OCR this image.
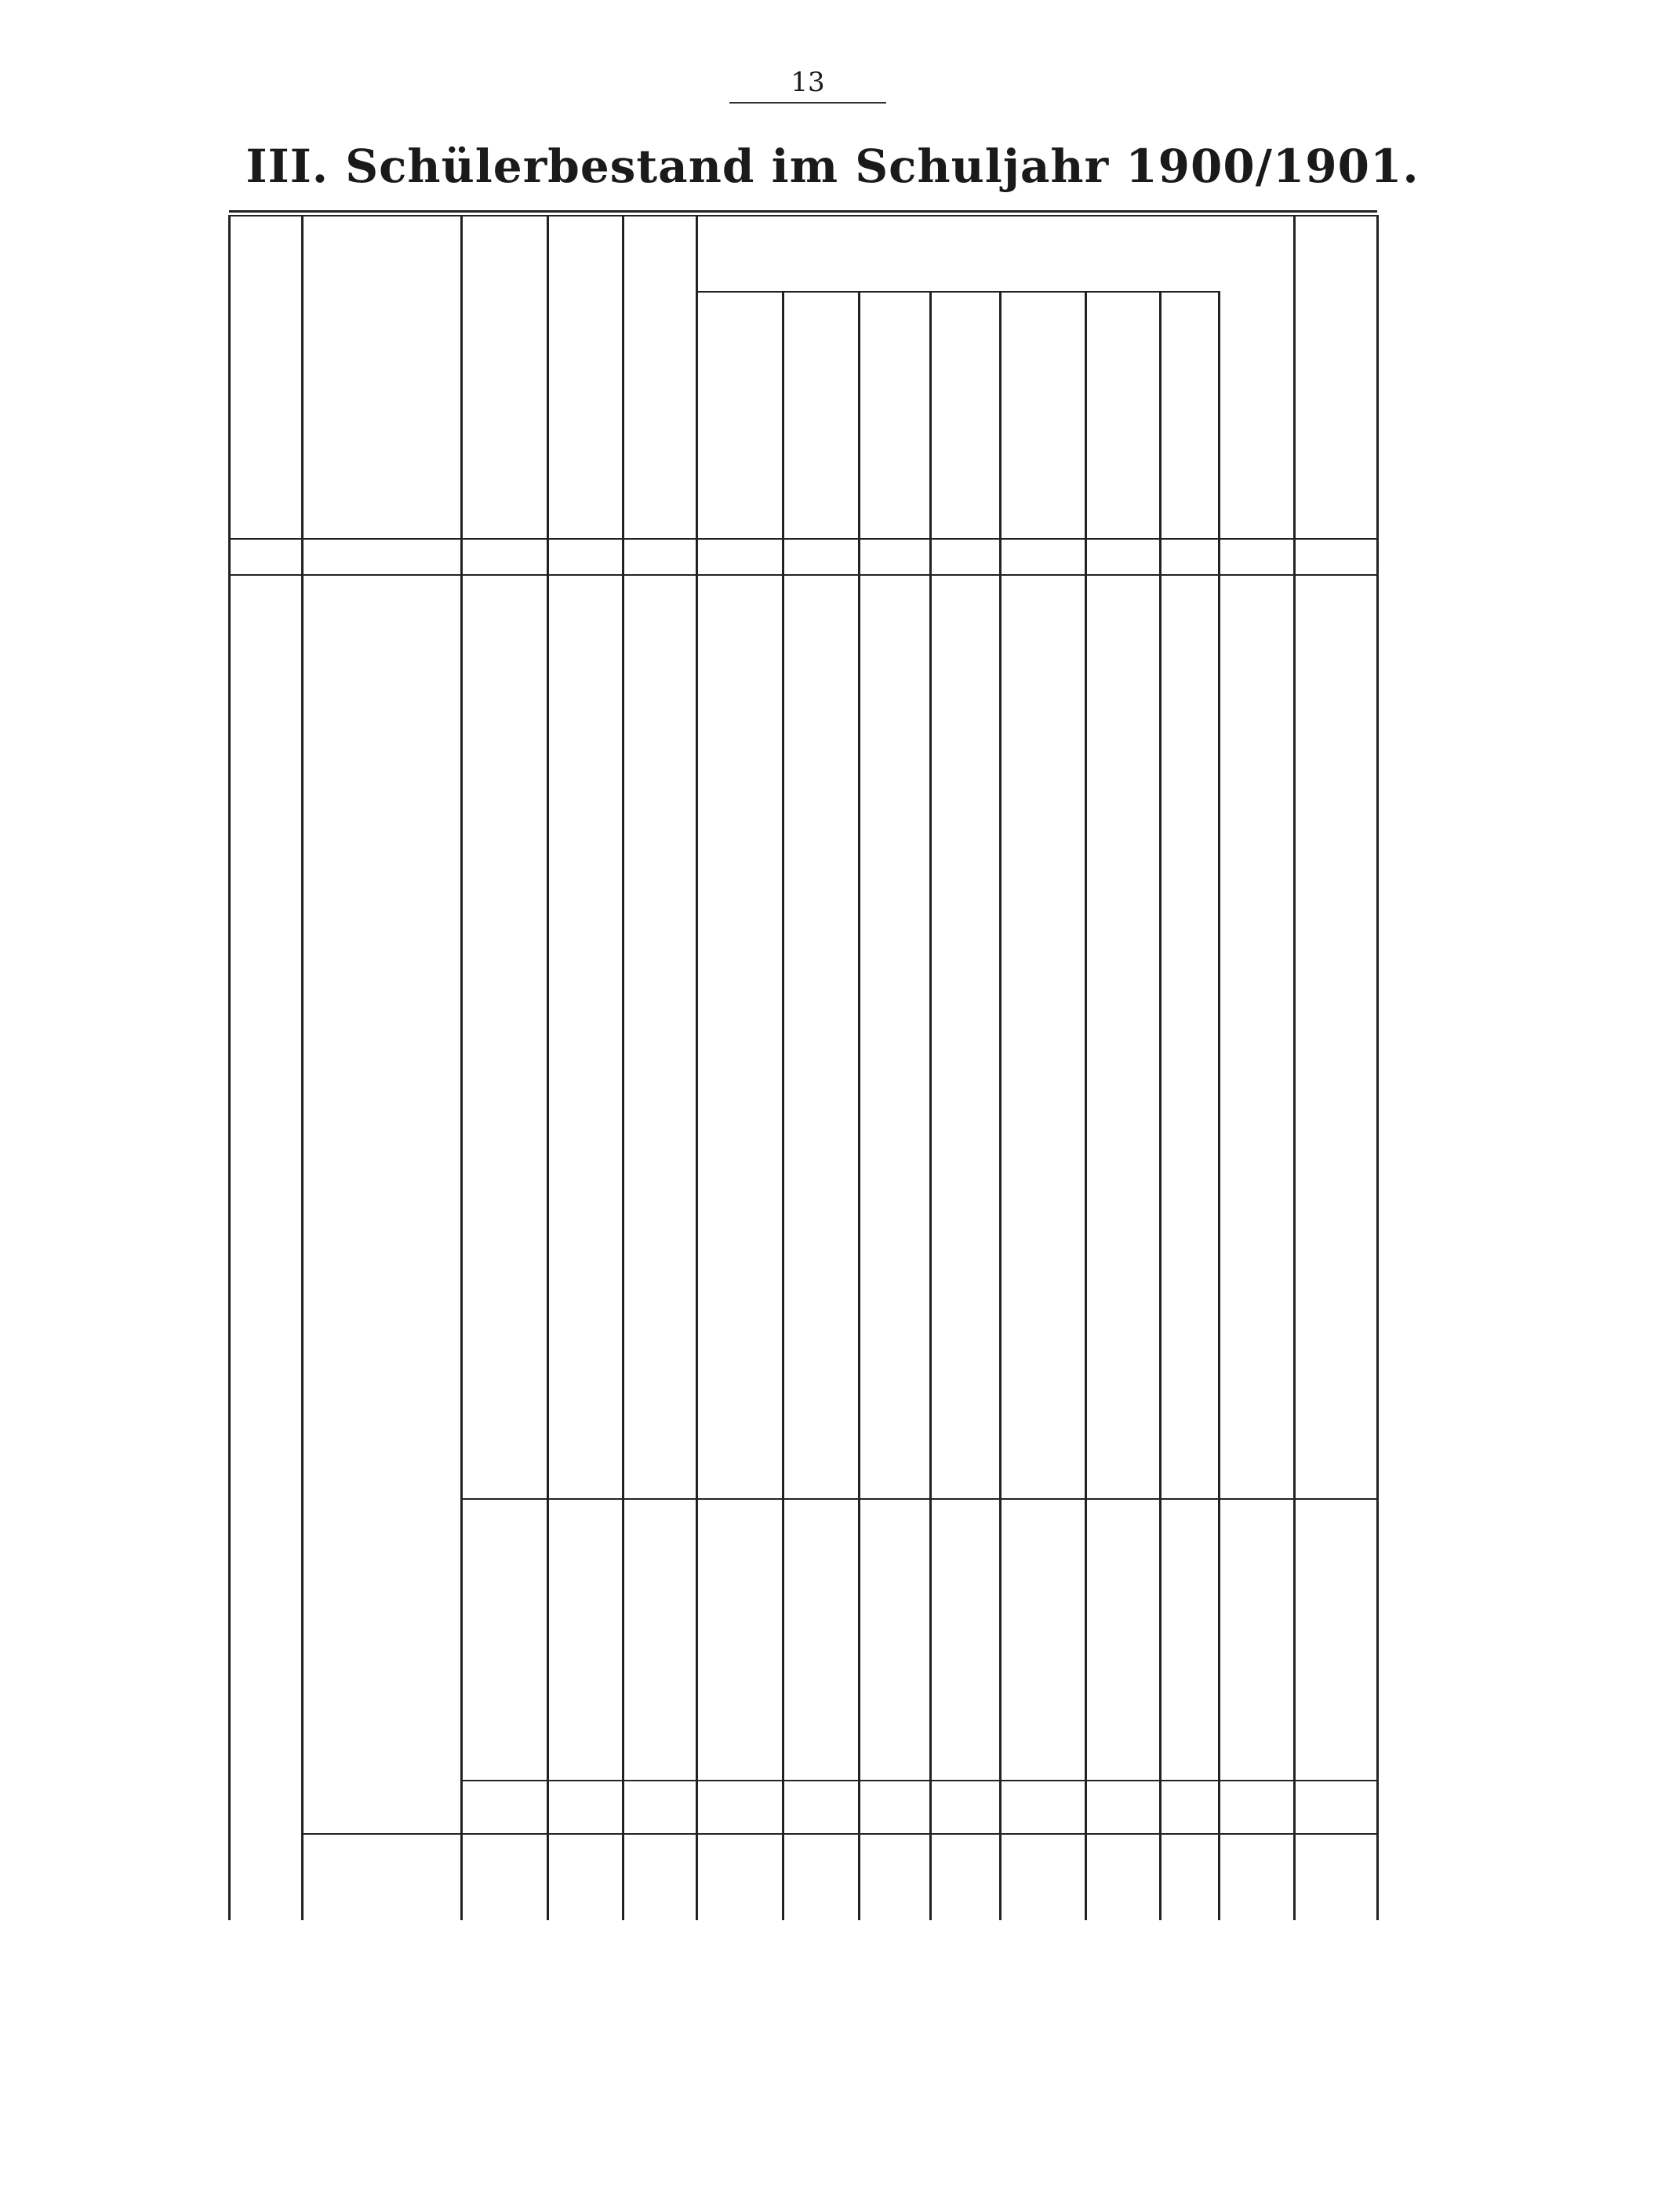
13
III. Schülerbestand im Schuljahr 1900/1901.
